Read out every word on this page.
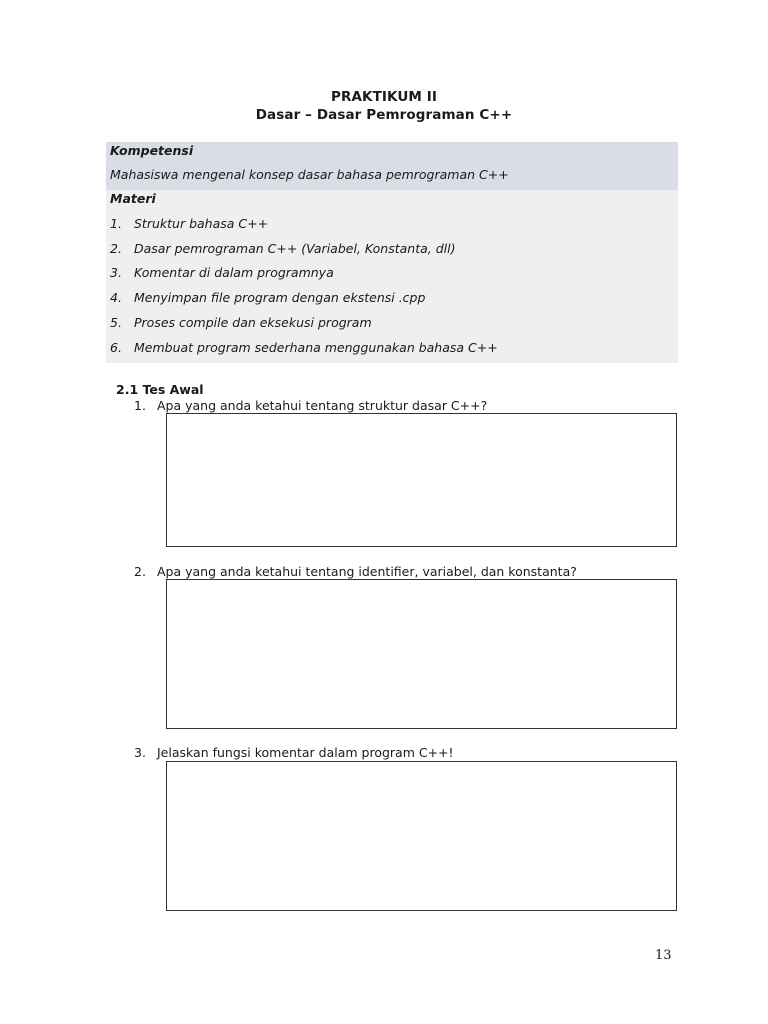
PRAKTIKUM II
Dasar – Dasar Pemrograman C++
Kompetensi
Mahasiswa mengenal konsep dasar bahasa pemrograman C++
Materi
1. Struktur bahasa C++
2. Dasar pemrograman C++ (Variabel, Konstanta, dll)
3. Komentar di dalam programnya
4. Menyimpan file program dengan ekstensi .cpp
5. Proses compile dan eksekusi program
6. Membuat program sederhana menggunakan bahasa C++
2.1 Tes Awal
1. Apa yang anda ketahui tentang struktur dasar C++?
2. Apa yang anda ketahui tentang identifier, variabel, dan konstanta?
3. Jelaskan fungsi komentar dalam program C++!
13
